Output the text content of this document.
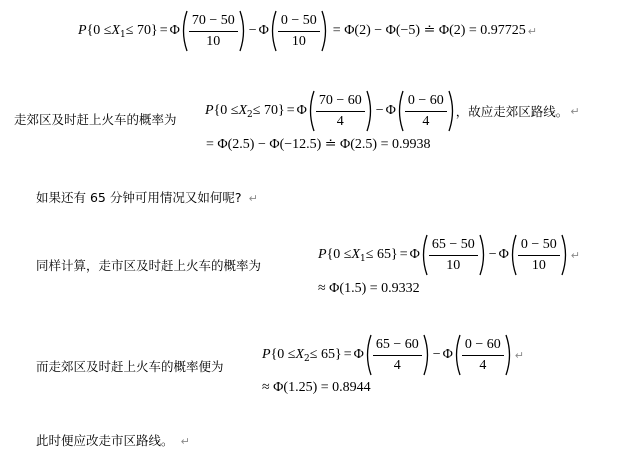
P { 0 ≤ X 1 ≤ 70 } = Φ $\frac{70 - 50}{10} - \Phi \frac{0 - 50}{10} = \Phi(2) - \Phi(-5)$ ≐ Φ(2) = 0.97725 ↵
走郊区及时赶上火车的概率为
P { 0 ≤ X 2 ≤ 70 } = Φ $\frac{70 - 60}{4} - \Phi \frac{0 - 60}{4}$ ，故应走郊区路线。 ↵
= Φ(2.5) − Φ(−12.5) ≐ Φ(2.5) = 0.9938
如果还有 65 分钟可用情况又如何呢? ↵
同样计算，走市区及时赶上火车的概率为
P { 0 ≤ X 1 ≤ 65 } = Φ $\frac{65 - 50}{10} - \Phi \frac{0 - 50}{10}$ ↵
≈ Φ(1.5) = 0.9332
而走郊区及时赶上火车的概率便为
P { 0 ≤ X 2 ≤ 65 } = Φ $\frac{65 - 60}{4} - \Phi \frac{0 - 60}{4}$ ↵
≈ Φ(1.25) = 0.8944
此时便应改走市区路线。 ↵
